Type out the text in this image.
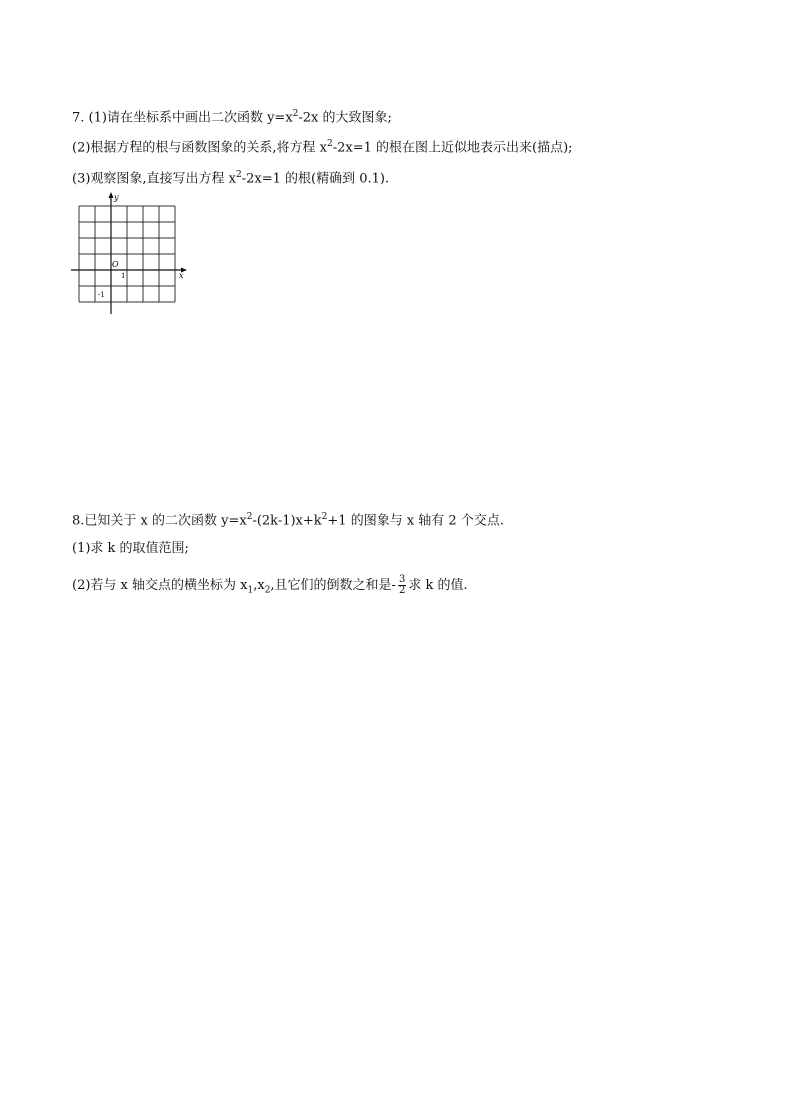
7. (1)请在坐标系中画出二次函数 $y=x^2-2x$ 的大致图象;
(2)根据方程的根与函数图象的关系,将方程 $x^2-2x=1$ 的根在图上近似地表示出来(描点);
(3)观察图象,直接写出方程 $x^2-2x=1$ 的根(精确到 0.1).
y
x
O
1
-1
8.已知关于 x 的二次函数 $y=x^2-(2k-1)x+k^2+1$ 的图象与 x 轴有 2 个交点.
(1)求 k 的取值范围;
(2)若与 x 轴交点的横坐标为 $x_1,x_2$,且它们的倒数之和是- $\frac{3}{2}$ 求 k 的值.
